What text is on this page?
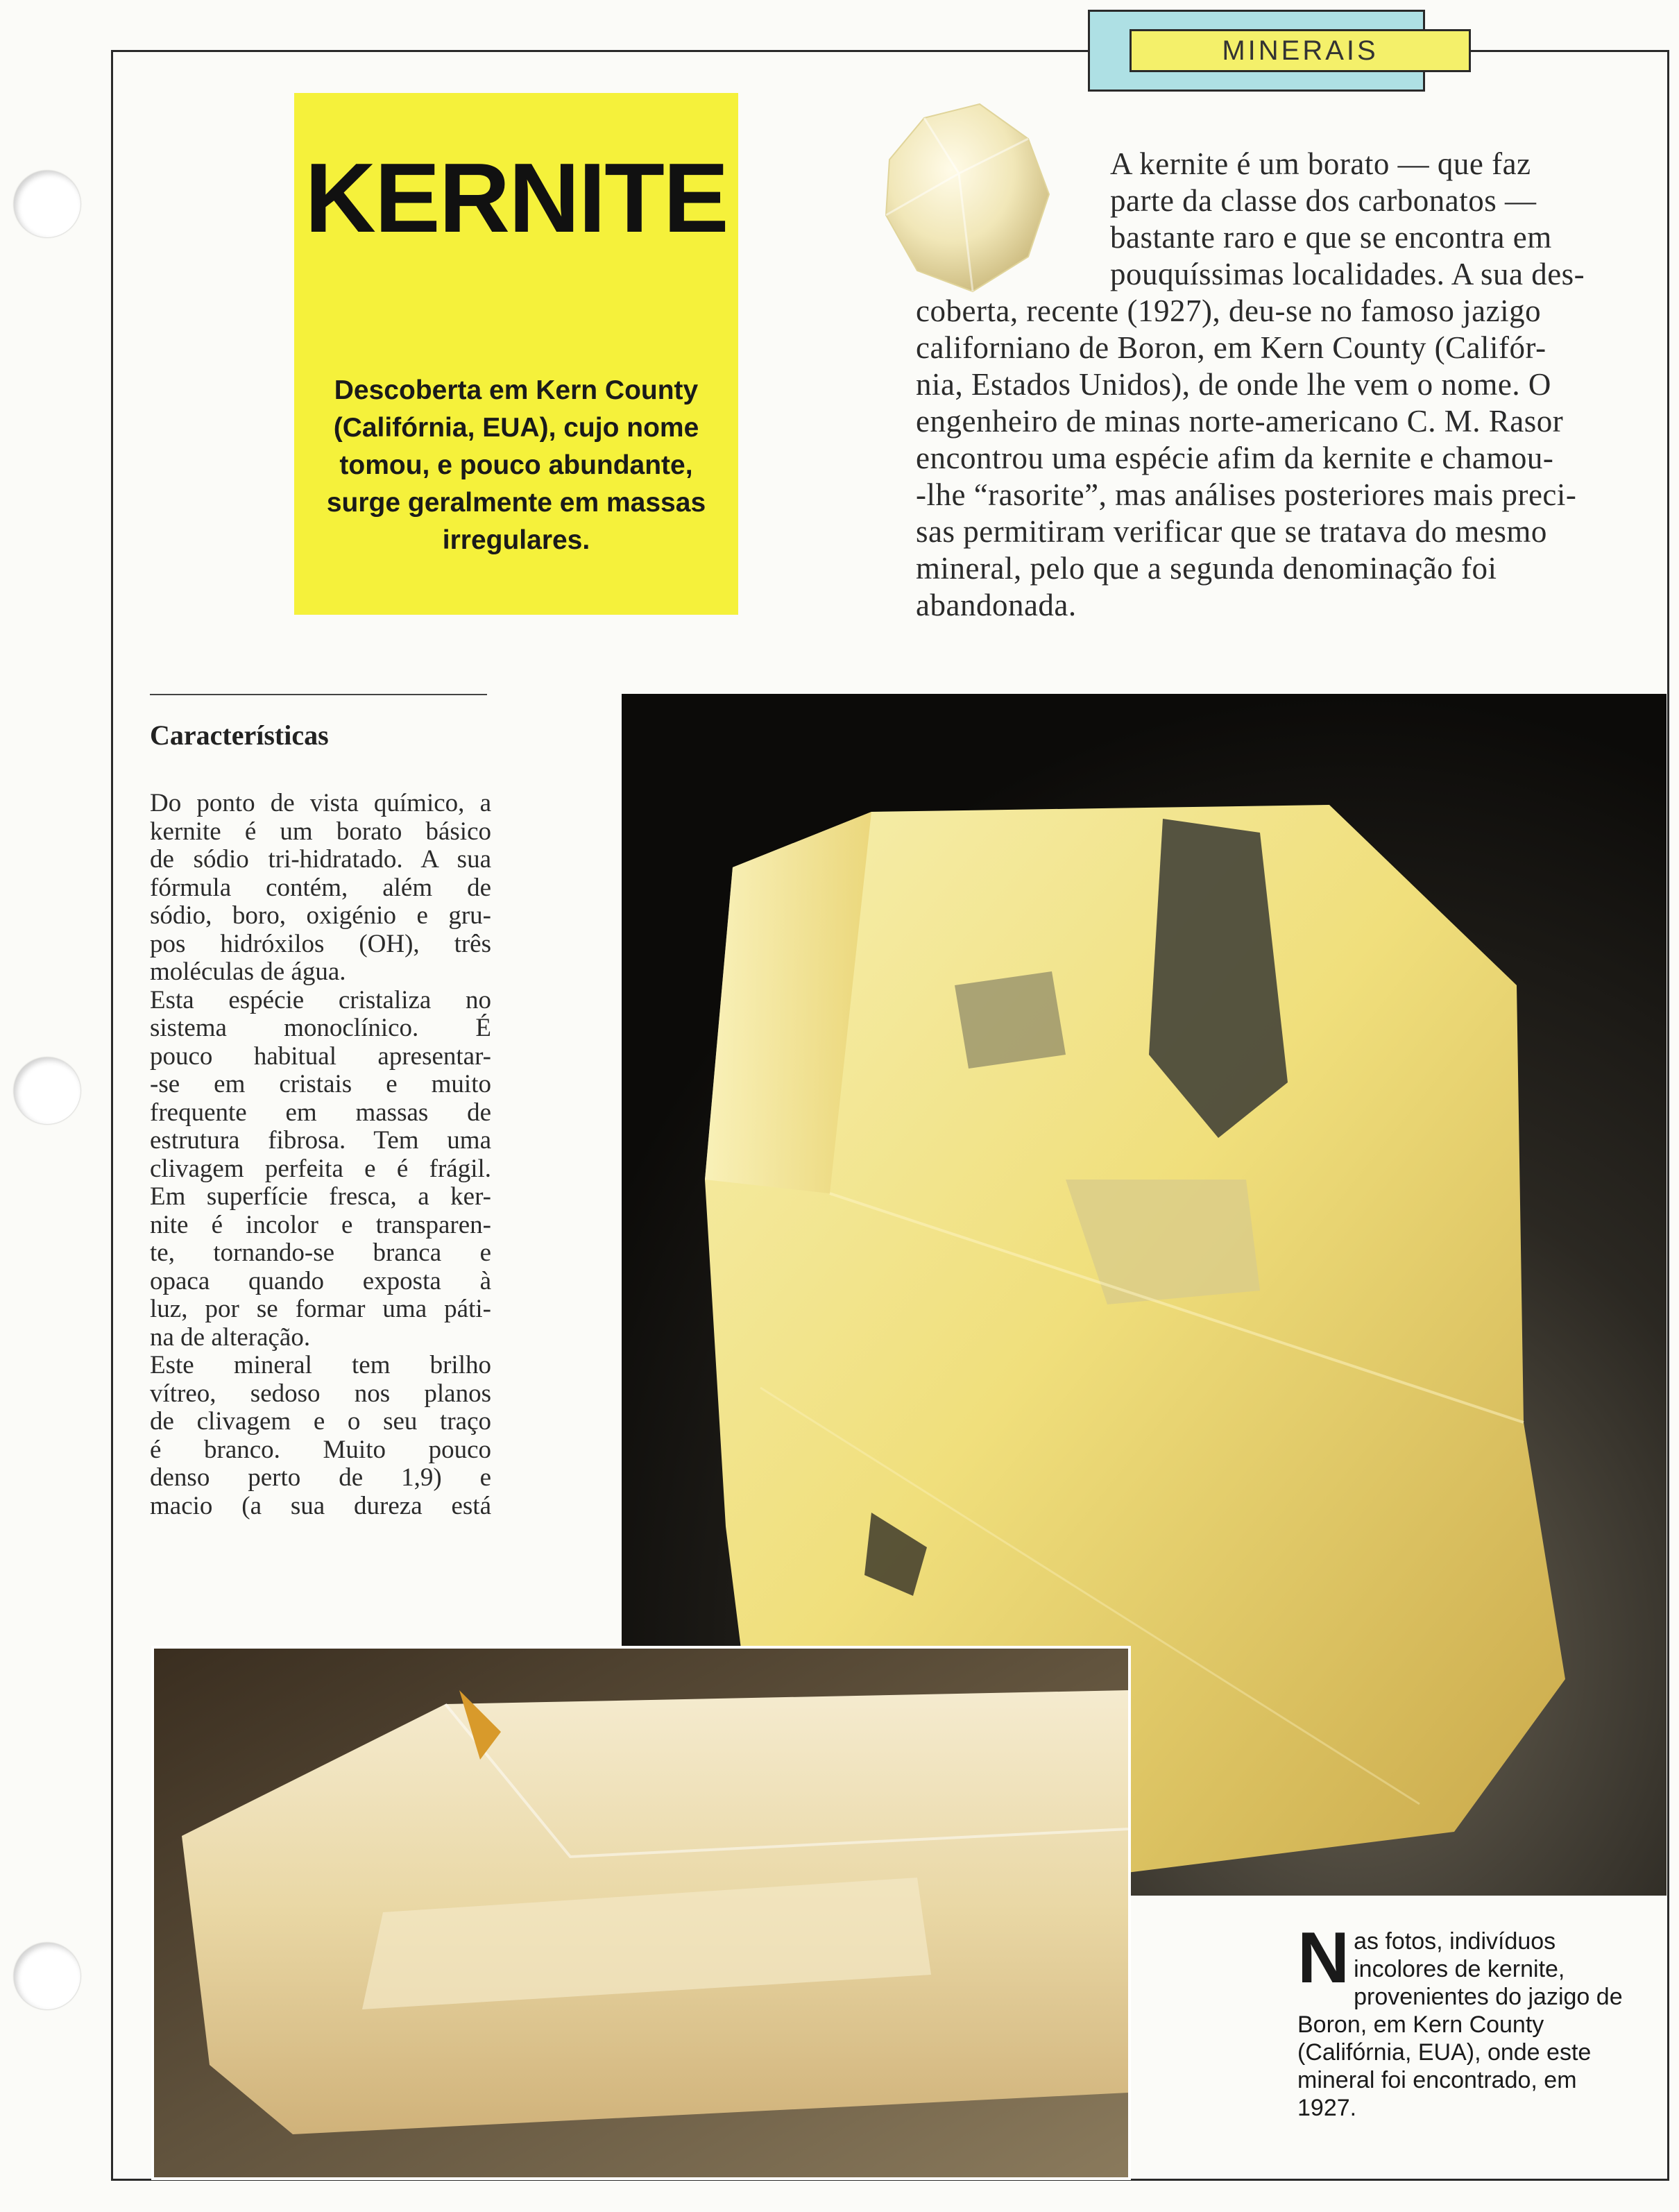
MINERAIS
KERNITE
Descoberta em Kern County (Califórnia, EUA), cujo nome tomou, e pouco abundante, surge geralmente em massas irregulares.
A kernite é um borato — que faz
parte da classe dos carbonatos —
bastante raro e que se encontra em
pouquíssimas localidades. A sua des-
coberta, recente (1927), deu-se no famoso jazigo
californiano de Boron, em Kern County (Califór-
nia, Estados Unidos), de onde lhe vem o nome. O
engenheiro de minas norte-americano C. M. Rasor
encontrou uma espécie afim da kernite e chamou-
-lhe “rasorite”, mas análises posteriores mais preci-
sas permitiram verificar que se tratava do mesmo
mineral, pelo que a segunda denominação foi
abandonada.
Características
Do ponto de vista químico, a
kernite é um borato básico
de sódio tri-hidratado. A sua
fórmula contém, além de
sódio, boro, oxigénio e gru-
pos hidróxilos (OH), três
moléculas de água.
Esta espécie cristaliza no
sistema monoclínico. É
pouco habitual apresentar-
-se em cristais e muito
frequente em massas de
estrutura fibrosa. Tem uma
clivagem perfeita e é frágil.
Em superfície fresca, a ker-
nite é incolor e transparen-
te, tornando-se branca e
opaca quando exposta à
luz, por se formar uma páti-
na de alteração.
Este mineral tem brilho
vítreo, sedoso nos planos
de clivagem e o seu traço
é branco. Muito pouco
denso perto de 1,9) e
macio (a sua dureza está
Nas fotos, indivíduos incolores de kernite, provenientes do jazigo de Boron, em Kern County (Califórnia, EUA), onde este mineral foi encontrado, em 1927.
